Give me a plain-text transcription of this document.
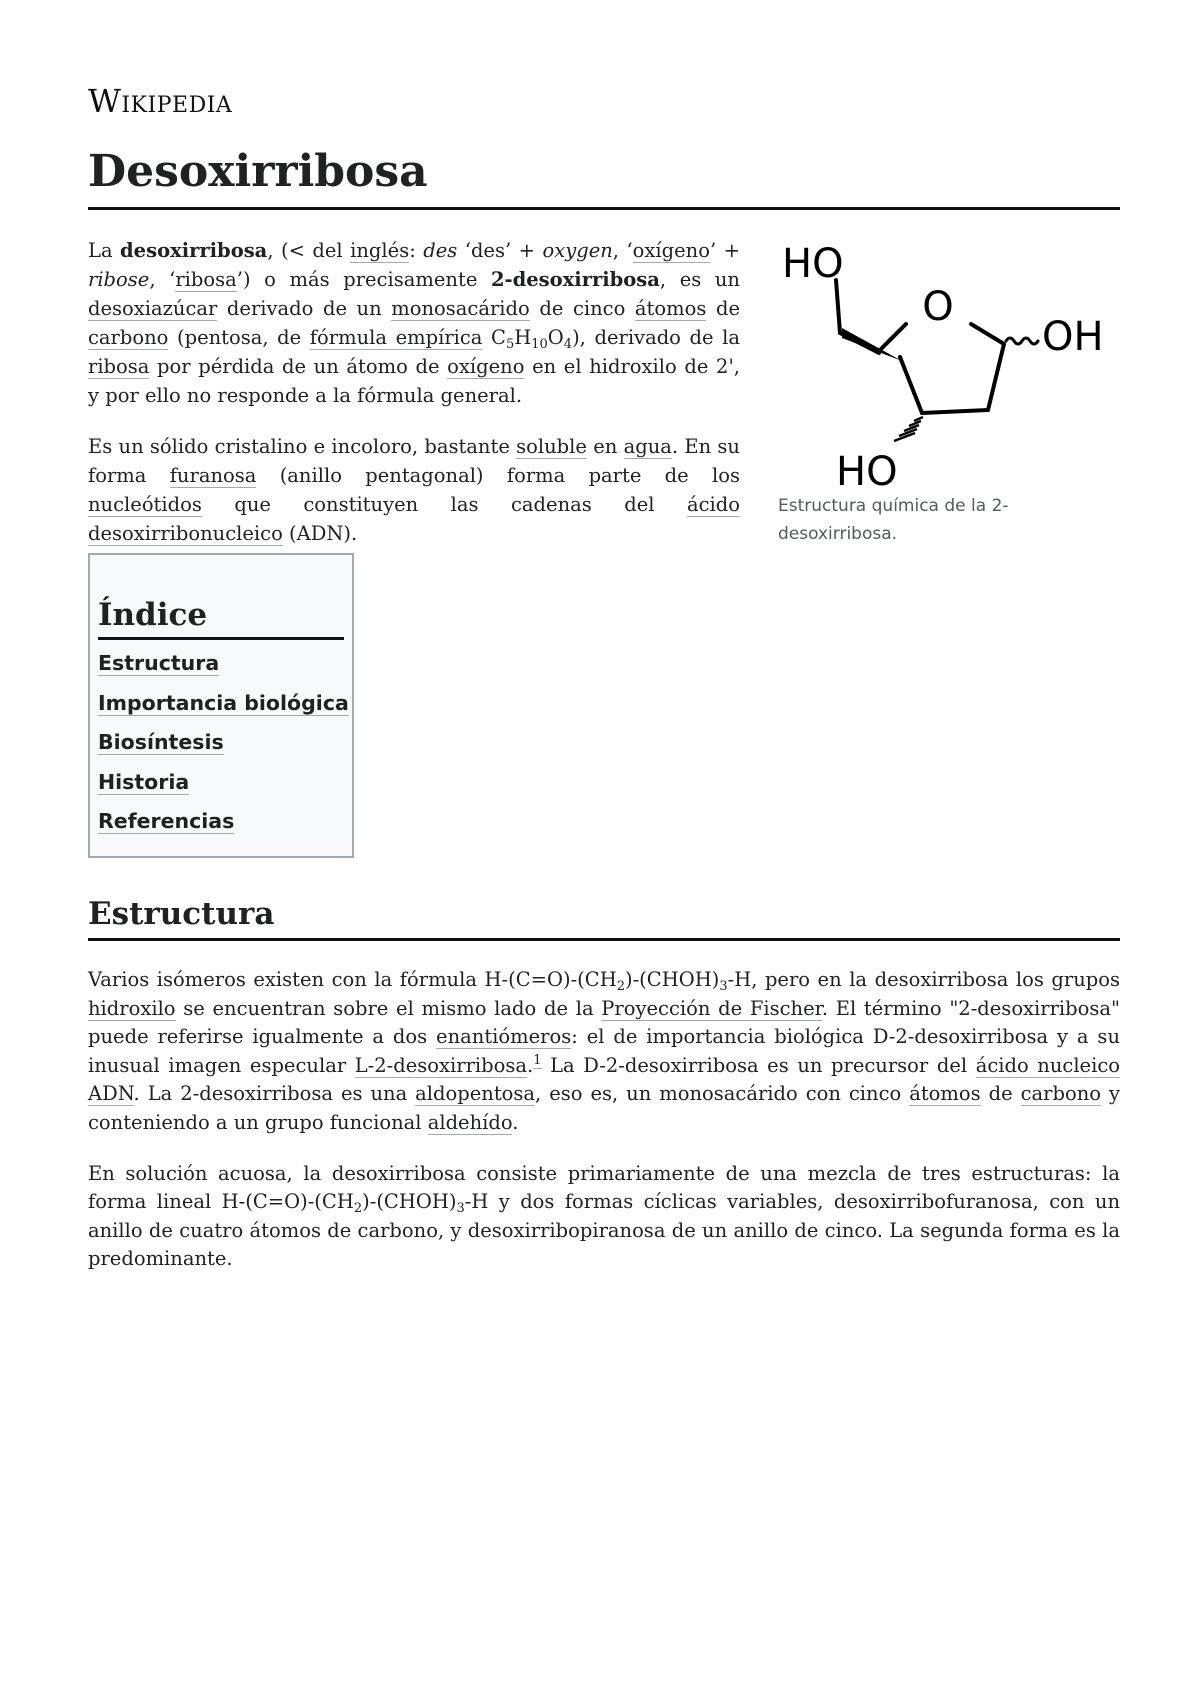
Wikipedia
Desoxirribosa

La desoxirribosa, (< del inglés: des ‘des’ + oxygen, ‘oxígeno’ + ribose, ‘ribosa’) o más precisamente 2-desoxirribosa, es un desoxiazúcar derivado de un monosacárido de cinco átomos de carbono (pentosa, de fórmula empírica $C_5H_{10}O_4$), derivado de la ribosa por pérdida de un átomo de oxígeno en el hidroxilo de 2', y por ello no responde a la fórmula general.

Es un sólido cristalino e incoloro, bastante soluble en agua. En su forma furanosa (anillo pentagonal) forma parte de los nucleótidos que constituyen las cadenas del ácido desoxirribonucleico (ADN).

HO
O
OH
HO
Estructura química de la 2-desoxirribosa.
Índice
Estructura
Importancia biológica
Biosíntesis
Historia
Referencias
Estructura

Varios isómeros existen con la fórmula $H-(C=O)-(CH_2)-(CHOH)_3-H$, pero en la desoxirribosa los grupos hidroxilo se encuentran sobre el mismo lado de la Proyección de Fischer. El término "2-desoxirribosa" puede referirse igualmente a dos enantiómeros: el de importancia biológica D-2-desoxirribosa y a su inusual imagen especular L-2-desoxirribosa.$^1$ La D-2-desoxirribosa es un precursor del ácido nucleico ADN. La 2-desoxirribosa es una aldopentosa, eso es, un monosacárido con cinco átomos de carbono y conteniendo a un grupo funcional aldehído.

En solución acuosa, la desoxirribosa consiste primariamente de una mezcla de tres estructuras: la forma lineal $H-(C=O)-(CH_2)-(CHOH)_3-H$ y dos formas cíclicas variables, desoxirribofuranosa, con un anillo de cuatro átomos de carbono, y desoxirribopiranosa de un anillo de cinco. La segunda forma es la predominante.
